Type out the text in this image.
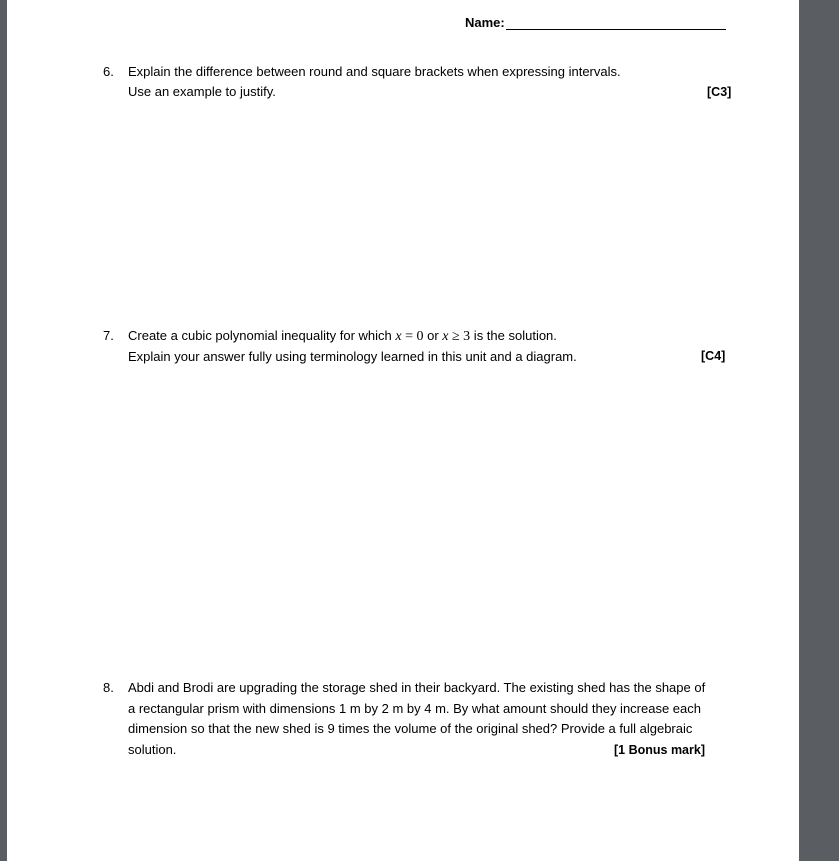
Name:
6. Explain the difference between round and square brackets when expressing intervals.
Use an example to justify.	[C3]
7. Create a cubic polynomial inequality for which x = 0 or x ≥ 3 is the solution.
Explain your answer fully using terminology learned in this unit and a diagram.	[C4]
8. Abdi and Brodi are upgrading the storage shed in their backyard. The existing shed has the shape of
a rectangular prism with dimensions 1 m by 2 m by 4 m. By what amount should they increase each
dimension so that the new shed is 9 times the volume of the original shed? Provide a full algebraic
solution.	[1 Bonus mark]
